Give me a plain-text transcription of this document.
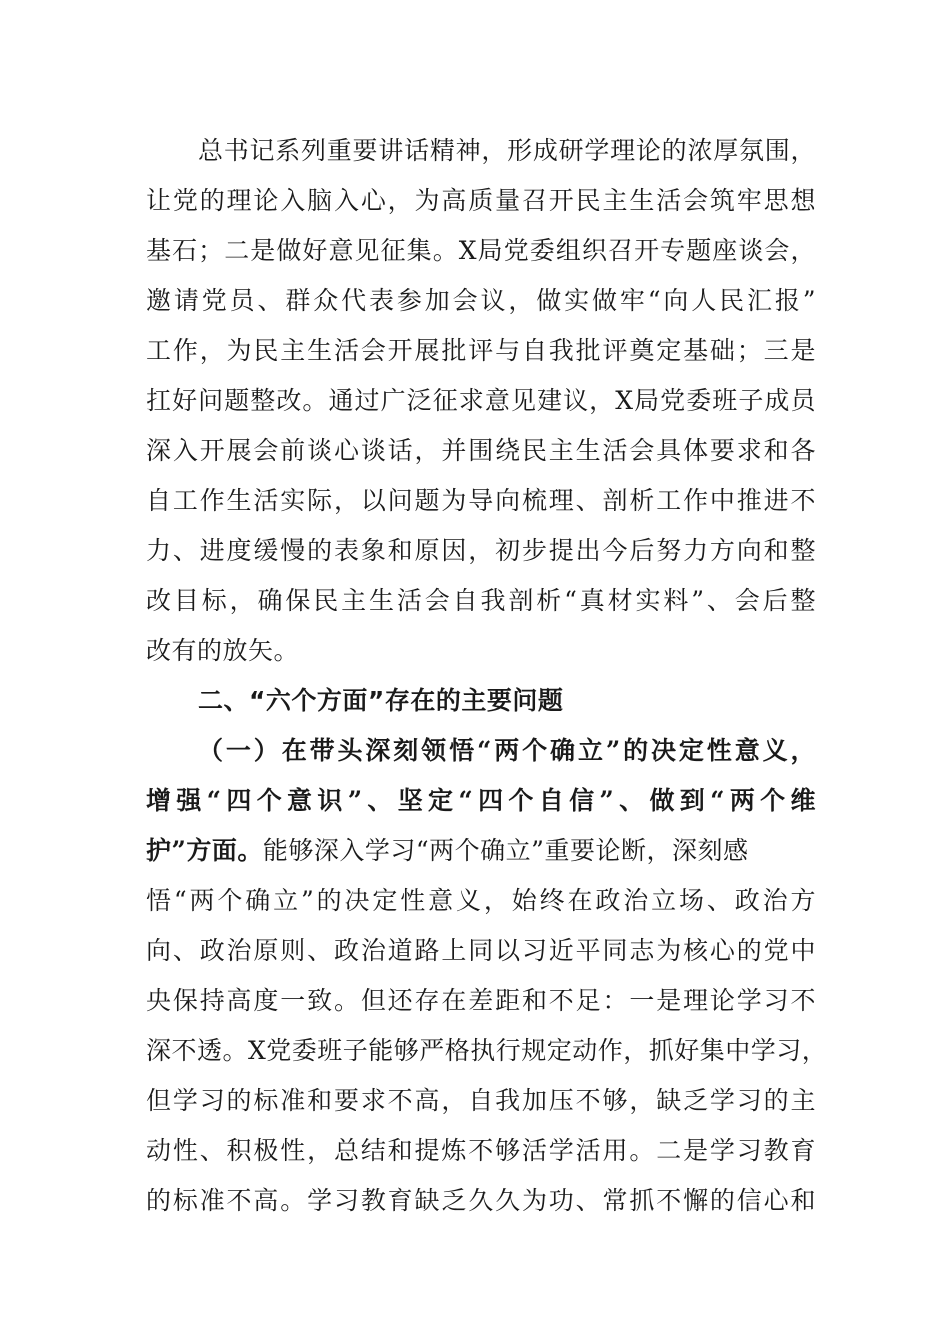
总书记系列重要讲话精神，形成研学理论的浓厚氛围，
让党的理论入脑入心，为高质量召开民主生活会筑牢思想
基石；二是做好意见征集。X局党委组织召开专题座谈会，
邀请党员、群众代表参加会议，做实做牢“向人民汇报”
工作，为民主生活会开展批评与自我批评奠定基础；三是
扛好问题整改。通过广泛征求意见建议，X局党委班子成员
深入开展会前谈心谈话，并围绕民主生活会具体要求和各
自工作生活实际，以问题为导向梳理、剖析工作中推进不
力、进度缓慢的表象和原因，初步提出今后努力方向和整
改目标，确保民主生活会自我剖析“真材实料”、会后整
改有的放矢。
二、“六个方面”存在的主要问题
（一）在带头深刻领悟“两个确立”的决定性意义，
增强“四个意识”、坚定“四个自信”、做到“两个维
护”方面。能够深入学习“两个确立”重要论断，深刻感
悟“两个确立”的决定性意义，始终在政治立场、政治方
向、政治原则、政治道路上同以习近平同志为核心的党中
央保持高度一致。但还存在差距和不足：一是理论学习不
深不透。X党委班子能够严格执行规定动作，抓好集中学习，
但学习的标准和要求不高，自我加压不够，缺乏学习的主
动性、积极性，总结和提炼不够活学活用。二是学习教育
的标准不高。学习教育缺乏久久为功、常抓不懈的信心和
